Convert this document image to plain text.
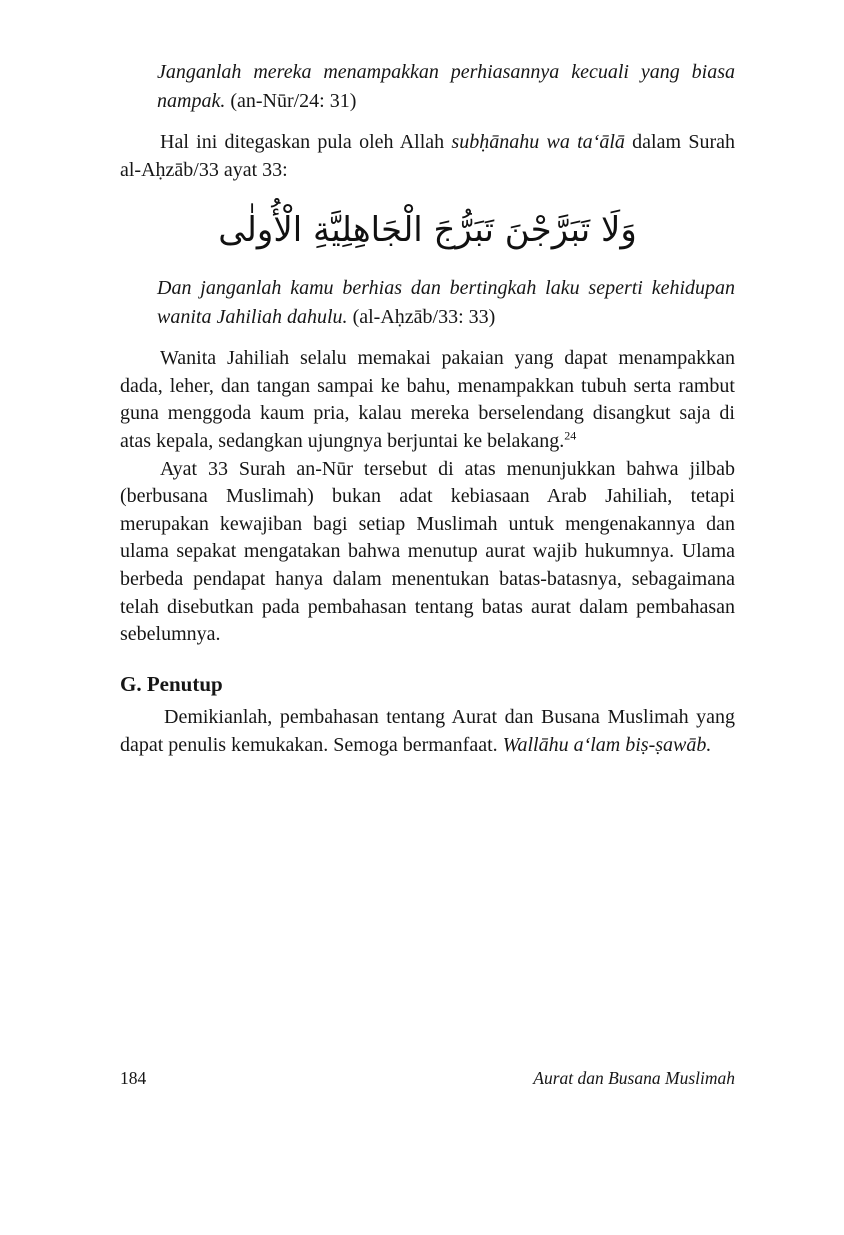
Janganlah mereka menampakkan perhiasannya kecuali yang biasa nampak. (an-Nūr/24: 31)

Hal ini ditegaskan pula oleh Allah subḥānahu wa ta‘ālā dalam Surah al-Aḥzāb/33 ayat 33:

وَلَا تَبَرَّجْنَ تَبَرُّجَ الْجَاهِلِيَّةِ الْأُولٰى

Dan janganlah kamu berhias dan bertingkah laku seperti kehidupan wanita Jahiliah dahulu. (al-Aḥzāb/33: 33)

Wanita Jahiliah selalu memakai pakaian yang dapat menampakkan dada, leher, dan tangan sampai ke bahu, menampakkan tubuh serta rambut guna menggoda kaum pria, kalau mereka berselendang disangkut saja di atas kepala, sedangkan ujungnya berjuntai ke belakang.$^{24}$

Ayat 33 Surah an-Nūr tersebut di atas menunjukkan bahwa jilbab (berbusana Muslimah) bukan adat kebiasaan Arab Jahiliah, tetapi merupakan kewajiban bagi setiap Muslimah untuk mengenakannya dan ulama sepakat mengatakan bahwa menutup aurat wajib hukumnya. Ulama berbeda pendapat hanya dalam menentukan batas-batasnya, sebagaimana telah disebutkan pada pembahasan tentang batas aurat dalam pembahasan sebelumnya.

G. Penutup

Demikianlah, pembahasan tentang Aurat dan Busana Muslimah yang dapat penulis kemukakan. Semoga bermanfaat. Wallāhu a‘lam biṣ-ṣawāb.

184	Aurat dan Busana Muslimah
